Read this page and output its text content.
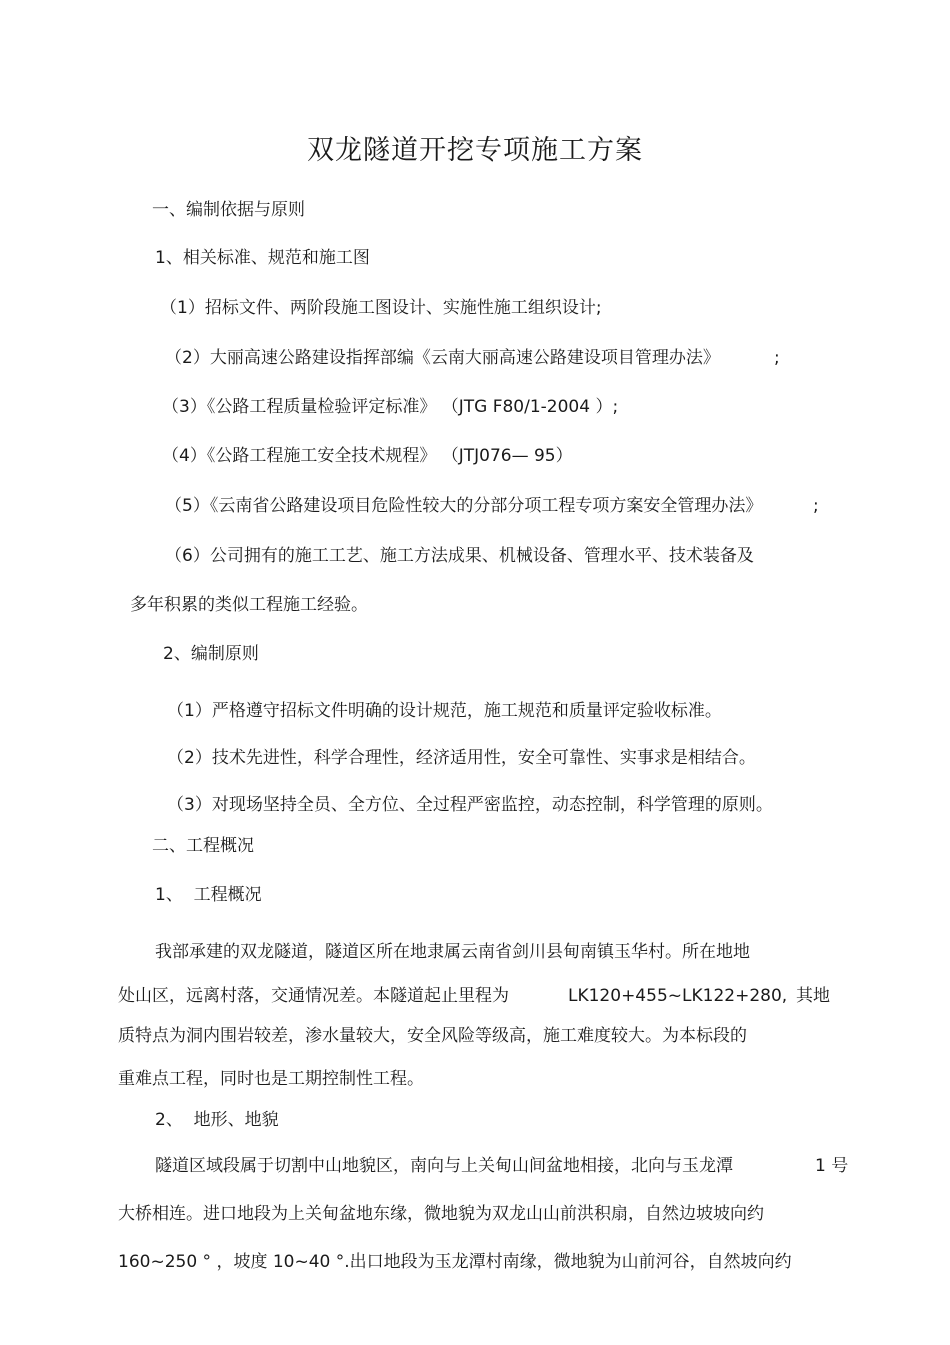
双龙隧道开挖专项施工方案
一、编制依据与原则
1、相关标准、规范和施工图
（1）招标文件、两阶段施工图设计、实施性施工组织设计;
（2）大丽高速公路建设指挥部编《云南大丽高速公路建设项目管理办法》	;
（3）《公路工程质量检验评定标准》 （JTG F80/1-2004 ）;
（4）《公路工程施工安全技术规程》 （JTJ076— 95）
（5）《云南省公路建设项目危险性较大的分部分项工程专项方案安全管理办法》	;
（6）公司拥有的施工工艺、施工方法成果、机械设备、管理水平、技术装备及
多年积累的类似工程施工经验。
2、编制原则
（1）严格遵守招标文件明确的设计规范，施工规范和质量评定验收标准。
（2）技术先进性，科学合理性，经济适用性，安全可靠性、实事求是相结合。
（3）对现场坚持全员、全方位、全过程严密监控，动态控制，科学管理的原则。
二、工程概况
1、  工程概况
我部承建的双龙隧道，隧道区所在地隶属云南省剑川县甸南镇玉华村。所在地地
处山区，远离村落，交通情况差。本隧道起止里程为	LK120+455~LK122+280, 其地
质特点为洞内围岩较差，渗水量较大，安全风险等级高，施工难度较大。为本标段的
重难点工程，同时也是工期控制性工程。
2、  地形、地貌
隧道区域段属于切割中山地貌区，南向与上关甸山间盆地相接，北向与玉龙潭	1 号
大桥相连。进口地段为上关甸盆地东缘，微地貌为双龙山山前洪积扇，自然边坡坡向约
160~250 ° ，坡度 10~40 °.出口地段为玉龙潭村南缘，微地貌为山前河谷，自然坡向约
